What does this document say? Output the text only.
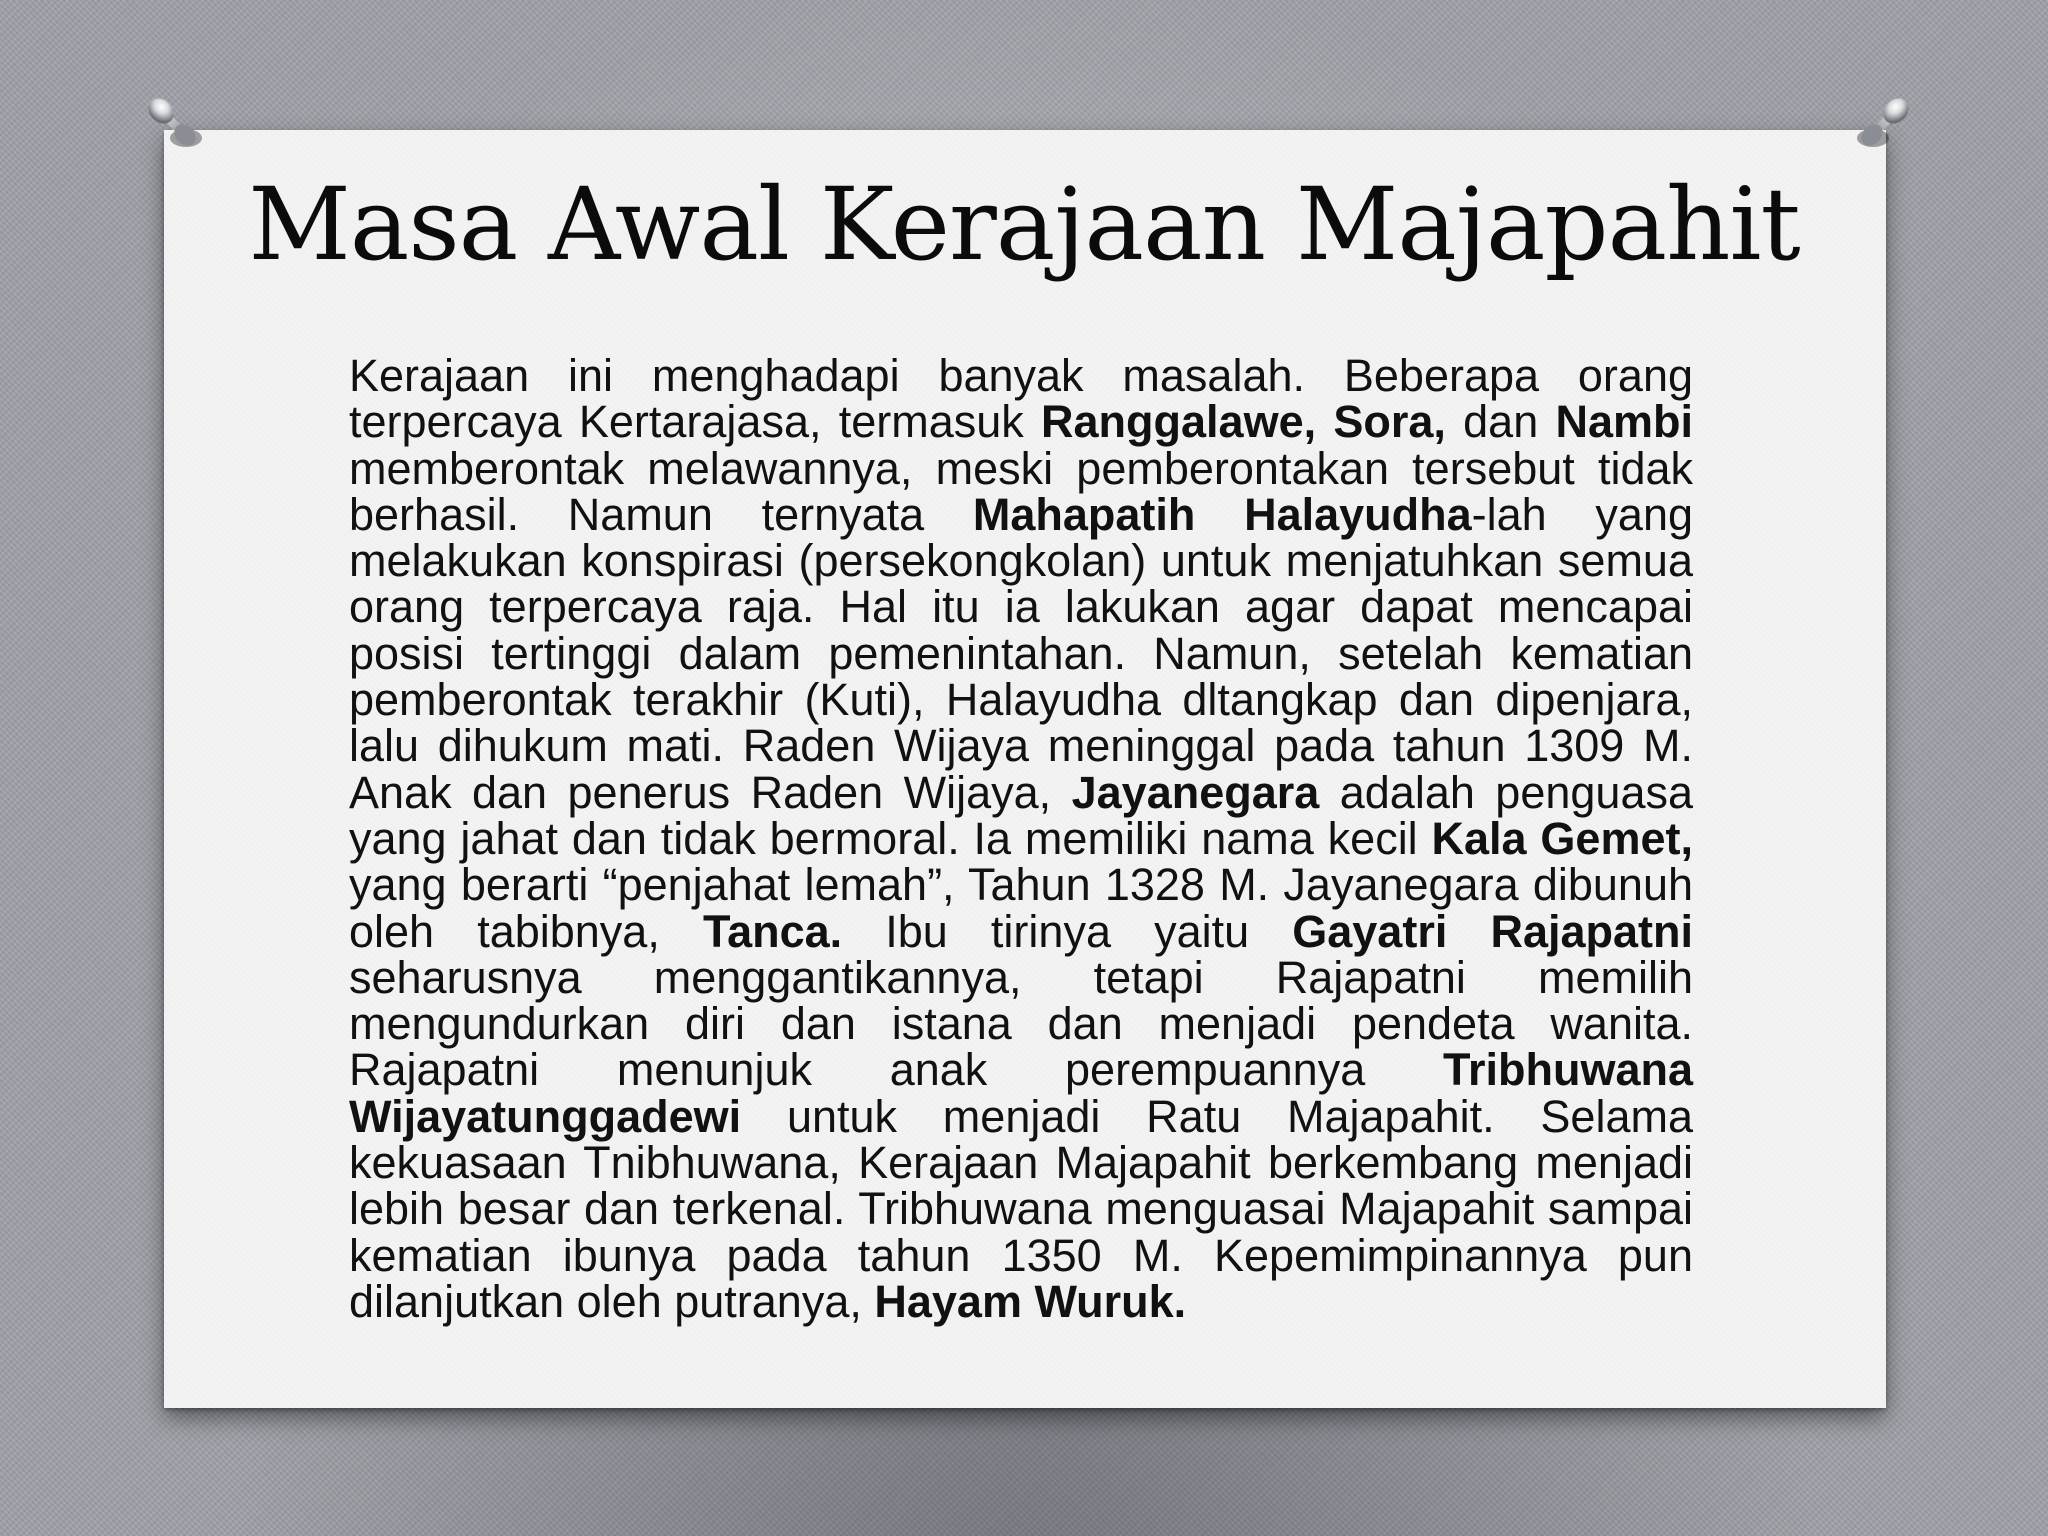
Masa Awal Kerajaan Majapahit

Kerajaan ini menghadapi banyak masalah. Beberapa orang terpercaya Kertarajasa, termasuk Ranggalawe, Sora, dan Nambi memberontak melawannya, meski pemberontakan tersebut tidak berhasil. Namun ternyata Mahapatih Halayudha-lah yang melakukan konspirasi (persekongkolan) untuk menjatuhkan semua orang terpercaya raja. Hal itu ia lakukan agar dapat mencapai posisi tertinggi dalam pemenintahan. Namun, setelah kematian pemberontak terakhir (Kuti), Halayudha dltangkap dan dipenjara, lalu dihukum mati. Raden Wijaya meninggal pada tahun 1309 M. Anak dan penerus Raden Wijaya, Jayanegara adalah penguasa yang jahat dan tidak bermoral. Ia memiliki nama kecil Kala Gemet, yang berarti “penjahat lemah”, Tahun 1328 M. Jayanegara dibunuh oleh tabibnya, Tanca. Ibu tirinya yaitu Gayatri Rajapatni seharusnya menggantikannya, tetapi Rajapatni memilih mengundurkan diri dan istana dan menjadi pendeta wanita. Rajapatni menunjuk anak perempuannya Tribhuwana Wijayatunggadewi untuk menjadi Ratu Majapahit. Selama kekuasaan Tnibhuwana, Kerajaan Majapahit berkembang menjadi lebih besar dan terkenal. Tribhuwana menguasai Majapahit sampai kematian ibunya pada tahun 1350 M. Kepemimpinannya pun dilanjutkan oleh putranya, Hayam Wuruk.
